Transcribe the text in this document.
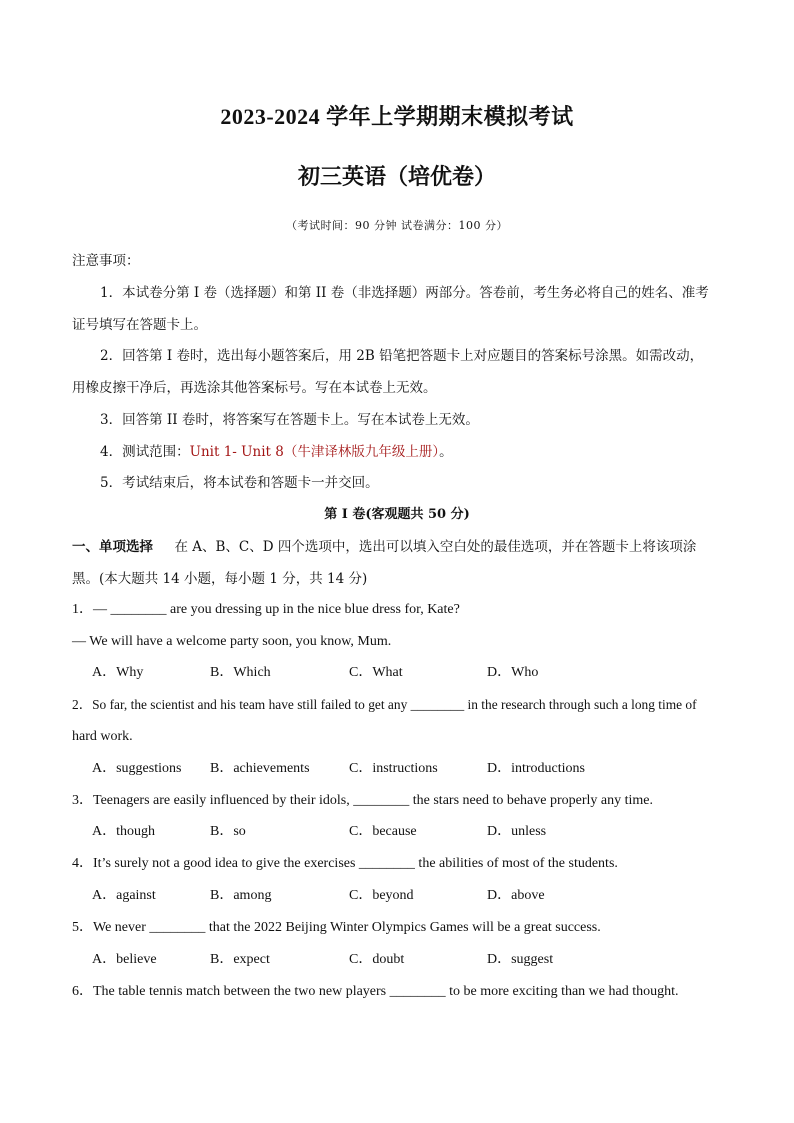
2023-2024 学年上学期期末模拟考试
初三英语（培优卷）
（考试时间：90 分钟 试卷满分：100 分）
注意事项：
1．本试卷分第 I 卷（选择题）和第 II 卷（非选择题）两部分。答卷前，考生务必将自己的姓名、准考
证号填写在答题卡上。
2．回答第 I 卷时，选出每小题答案后，用 2B 铅笔把答题卡上对应题目的答案标号涂黑。如需改动，
用橡皮擦干净后，再选涂其他答案标号。写在本试卷上无效。
3．回答第 II 卷时，将答案写在答题卡上。写在本试卷上无效。
4．测试范围：Unit 1- Unit 8（牛津译林版九年级上册）。
5．考试结束后，将本试卷和答题卡一并交回。
第 I 卷(客观题共 50 分)
一、单项选择 在 A、B、C、D 四个选项中，选出可以填入空白处的最佳选项，并在答题卡上将该项涂
黑。(本大题共 14 小题，每小题 1 分，共 14 分)
1．— ________ are you dressing up in the nice blue dress for, Kate?
— We will have a welcome party soon, you know, Mum.
A．Why	B．Which	C．What	D．Who
2．So far, the scientist and his team have still failed to get any ________ in the research through such a long time of
hard work.
A．suggestions B．achievements	C．instructions	D．introductions
3．Teenagers are easily influenced by their idols, ________ the stars need to behave properly any time.
A．though	B．so	C．because	D．unless
4．It’s surely not a good idea to give the exercises ________ the abilities of most of the students.
A．against	B．among	C．beyond	D．above
5．We never ________ that the 2022 Beijing Winter Olympics Games will be a great success.
A．believe	B．expect	C．doubt	D．suggest
6．The table tennis match between the two new players ________ to be more exciting than we had thought.
